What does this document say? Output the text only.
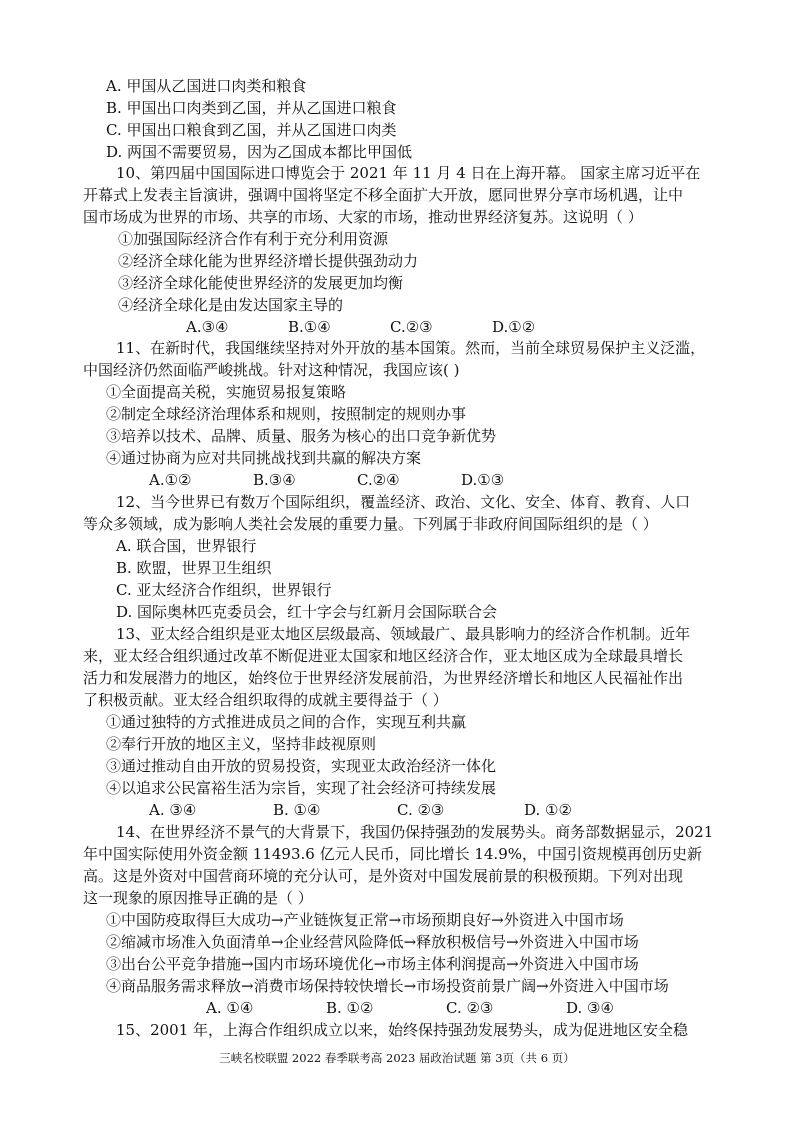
A. 甲国从乙国进口肉类和粮食
B. 甲国出口肉类到乙国，并从乙国进口粮食
C. 甲国出口粮食到乙国，并从乙国进口肉类
D. 两国不需要贸易，因为乙国成本都比甲国低
10、第四届中国国际进口博览会于 2021 年 11 月 4 日在上海开幕。 国家主席习近平在
开幕式上发表主旨演讲，强调中国将坚定不移全面扩大开放，愿同世界分享市场机遇，让中
国市场成为世界的市场、共享的市场、大家的市场，推动世界经济复苏。这说明（ ）
①加强国际经济合作有利于充分利用资源
②经济全球化能为世界经济增长提供强劲动力
③经济全球化能使世界经济的发展更加均衡
④经济全球化是由发达国家主导的
A.③④	B.①④	C.②③	D.①②
11、在新时代，我国继续坚持对外开放的基本国策。然而，当前全球贸易保护主义泛滥，
中国经济仍然面临严峻挑战。针对这种情况，我国应该( )
①全面提高关税，实施贸易报复策略
②制定全球经济治理体系和规则，按照制定的规则办事
③培养以技术、品牌、质量、服务为核心的出口竞争新优势
④通过协商为应对共同挑战找到共赢的解决方案
A.①②	B.③④	C.②④	D.①③
12、当今世界已有数万个国际组织，覆盖经济、政治、文化、安全、体育、教育、人口
等众多领域，成为影响人类社会发展的重要力量。下列属于非政府间国际组织的是（ ）
A. 联合国，世界银行
B. 欧盟，世界卫生组织
C. 亚太经济合作组织，世界银行
D. 国际奥林匹克委员会，红十字会与红新月会国际联合会
13、亚太经合组织是亚太地区层级最高、领域最广、最具影响力的经济合作机制。近年
来，亚太经合组织通过改革不断促进亚太国家和地区经济合作，亚太地区成为全球最具增长
活力和发展潜力的地区，始终位于世界经济发展前沿，为世界经济增长和地区人民福祉作出
了积极贡献。亚太经合组织取得的成就主要得益于（ ）
①通过独特的方式推进成员之间的合作，实现互利共赢
②奉行开放的地区主义，坚持非歧视原则
③通过推动自由开放的贸易投资，实现亚太政治经济一体化
④以追求公民富裕生活为宗旨，实现了社会经济可持续发展
A. ③④	B. ①④	C. ②③	D. ①②
14、在世界经济不景气的大背景下，我国仍保持强劲的发展势头。商务部数据显示，2021
年中国实际使用外资金额 11493.6 亿元人民币，同比增长 14.9%，中国引资规模再创历史新
高。这是外资对中国营商环境的充分认可，是外资对中国发展前景的积极预期。下列对出现
这一现象的原因推导正确的是（ ）
①中国防疫取得巨大成功→产业链恢复正常→市场预期良好→外资进入中国市场
②缩减市场准入负面清单→企业经营风险降低→释放积极信号→外资进入中国市场
③出台公平竞争措施→国内市场环境优化→市场主体利润提高→外资进入中国市场
④商品服务需求释放→消费市场保持较快增长→市场投资前景广阔→外资进入中国市场
A. ①④	B. ①②	C. ②③	D. ③④
15、2001 年，上海合作组织成立以来，始终保持强劲发展势头，成为促进地区安全稳
三峡名校联盟 2022 春季联考高 2023 届政治试题 第 3页（共 6 页）
